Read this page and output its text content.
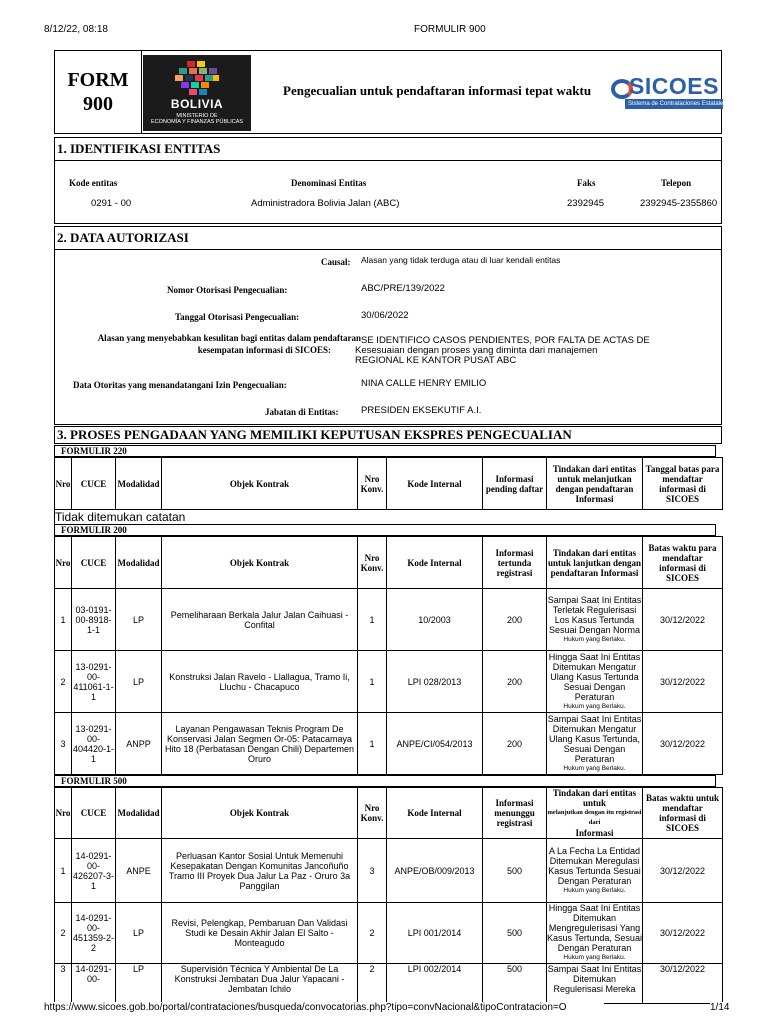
8/12/22, 08:18	FORMULIR 900
FORM
900	BOLIVIA
MINISTERIO DE
ECONOMÍA Y FINANZAS PÚBLICAS
Pengecualian untuk pendaftaran informasi tepat waktu SICOES
Sistema de Contrataciones Estatales
1. IDENTIFIKASI ENTITAS
Kode entitas	Denominasi Entitas	Faks	Telepon
0291 - 00	Administradora Bolivia Jalan (ABC)	2392945	2392945-2355860
2. DATA AUTORIZASI
Causal: Alasan yang tidak terduga atau di luar kendali entitas
Nomor Otorisasi Pengecualian:	ABC/PRE/139/2022
Tanggal Otorisasi Pengecualian:	30/06/2022
Alasan yang menyebabkan kesulitan bagi entitas dalam pendaftaran
kesempatan informasi di SICOES:
SE IDENTIFICO CASOS PENDIENTES, POR FALTA DE ACTAS DE
Kesesuaian dengan proses yang diminta dari manajemen
REGIONAL KE KANTOR PUSAT ABC
Data Otoritas yang menandatangani Izin Pengecualian:	NINA CALLE HENRY EMILIO
Jabatan di Entitas: PRESIDEN EKSEKUTIF A.I.
3. PROSES PENGADAAN YANG MEMILIKI KEPUTUSAN EKSPRES PENGECUALIAN
FORMULIR 220
Nro	CUCE	Modalidad	Objek Kontrak	Nro Konv.	Kode Internal	Informasi pending daftar	Tindakan dari entitas untuk melanjutkan dengan pendaftaran Informasi	Tanggal batas para mendaftar informasi di SICOES
Tidak ditemukan catatan
FORMULIR 200
Nro	CUCE	Modalidad	Objek Kontrak	Nro Konv.	Kode Internal	Informasi tertunda registrasi	Tindakan dari entitas untuk lanjutkan dengan pendaftaran Informasi	Batas waktu para mendaftar informasi di SICOES
1	03-0191-00-8918-1-1	LP	Pemeliharaan Berkala Jalur Jalan Caihuasi - Confital	1	10/2003	200	Sampai Saat Ini Entitas Terletak Regulerisasi Los Kasus Tertunda Sesuai Dengan Norma
Hukum yang Berlaku.	30/12/2022
2	13-0291-00-411061-1-1	LP	Konstruksi Jalan Ravelo - Llallagua, Tramo Ii, Lluchu - Chacapuco	1	LPI 028/2013	200	Hingga Saat Ini Entitas Ditemukan Mengatur Ulang Kasus Tertunda Sesuai Dengan Peraturan
Hukum yang Berlaku.	30/12/2022
3	13-0291-00-404420-1-1	ANPP	Layanan Pengawasan Teknis Program De Konservasi Jalan Segmen Or-05: Patacamaya Hito 18 (Perbatasan Dengan Chili) Departemen Oruro	1	ANPE/CI/054/2013	200	Sampai Saat Ini Entitas Ditemukan Mengatur Ulang Kasus Tertunda, Sesuai Dengan Peraturan
Hukum yang Berlaku.	30/12/2022
FORMULIR 500
Nro	CUCE	Modalidad	Objek Kontrak	Nro Konv.	Kode Internal	Informasi menunggu registrasi	Tindakan dari entitas untuk
melanjutkan dengan itu registrasi dari
Informasi	Batas waktu untuk mendaftar informasi di SICOES
1	14-0291-00-426207-3-1	ANPE	Perluasan Kantor Sosial Untuk Memenuhi Kesepakatan Dengan Komunitas Jancoñuño Tramo III Proyek Dua Jalur La Paz - Oruro 3a Panggilan	3	ANPE/OB/009/2013	500	A La Fecha La Entidad Ditemukan Meregulasi Kasus Tertunda Sesuai Dengan Peraturan
Hukum yang Berlaku.	30/12/2022
2	14-0291-00-451359-2-2	LP	Revisi, Pelengkap, Pembaruan Dan Validasi Studi ke Desain Akhir Jalan El Salto - Monteagudo	2	LPI 001/2014	500	Hingga Saat Ini Entitas Ditemukan Mengregulerisasi Yang Kasus Tertunda, Sesuai Dengan Peraturan
Hukum yang Berlaku.	30/12/2022
3	14-0291-00-	LP	Supervisión Técnica Y Ambiental De La Konstruksi Jembatan Dua Jalur Yapacani - Jembatan Ichilo	2	LPI 002/2014	500	Sampai Saat Ini Entitas Ditemukan Regulerisasi Mereka	30/12/2022
https://www.sicoes.gob.bo/portal/contrataciones/busqueda/convocatorias.php?tipo=convNacional&tipoContratacion=O	1/14
